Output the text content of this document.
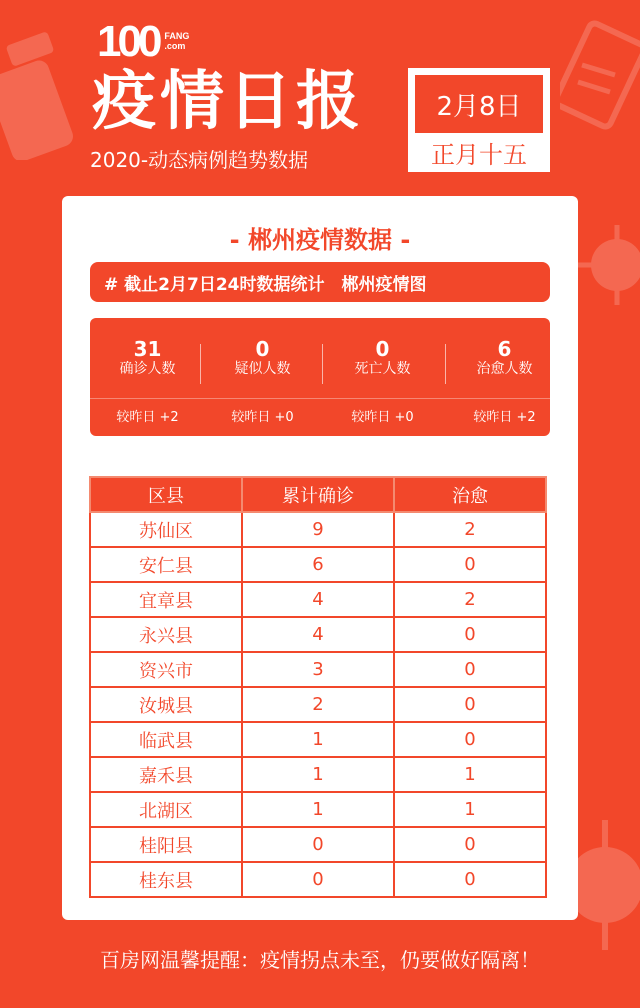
100 FANG
.com
疫情日报
2020-动态病例趋势数据
2月8日
正月十五
- 郴州疫情数据 -
# 截止2月7日24时数据统计　郴州疫情图
31
确诊人数
0
疑似人数
0
死亡人数
6
治愈人数
较昨日 +2	较昨日 +0	较昨日 +0	较昨日 +2
区县	累计确诊	治愈
苏仙区	9	2
安仁县	6	0
宜章县	4	2
永兴县	4	0
资兴市	3	0
汝城县	2	0
临武县	1	0
嘉禾县	1	1
北湖区	1	1
桂阳县	0	0
桂东县	0	0
百房网温馨提醒：疫情拐点未至，仍要做好隔离！
